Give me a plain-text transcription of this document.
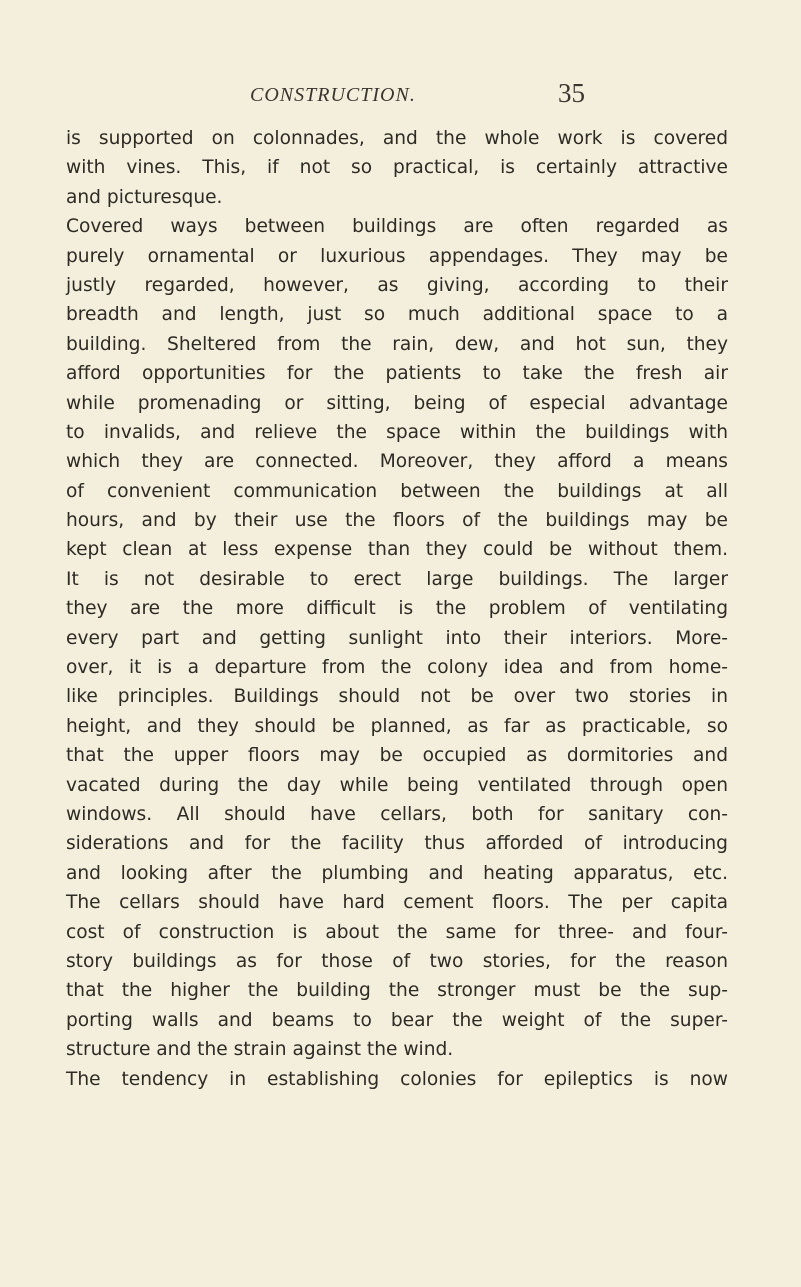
CONSTRUCTION.	35
is supported on colonnades, and the whole work is covered
with vines. This, if not so practical, is certainly attractive
and picturesque.
Covered ways between buildings are often regarded as
purely ornamental or luxurious appendages. They may be
justly regarded, however, as giving, according to their
breadth and length, just so much additional space to a
building. Sheltered from the rain, dew, and hot sun, they
afford opportunities for the patients to take the fresh air
while promenading or sitting, being of especial advantage
to invalids, and relieve the space within the buildings with
which they are connected. Moreover, they afford a means
of convenient communication between the buildings at all
hours, and by their use the floors of the buildings may be
kept clean at less expense than they could be without them.
It is not desirable to erect large buildings. The larger
they are the more difficult is the problem of ventilating
every part and getting sunlight into their interiors. More-
over, it is a departure from the colony idea and from home-
like principles. Buildings should not be over two stories in
height, and they should be planned, as far as practicable, so
that the upper floors may be occupied as dormitories and
vacated during the day while being ventilated through open
windows. All should have cellars, both for sanitary con-
siderations and for the facility thus afforded of introducing
and looking after the plumbing and heating apparatus, etc.
The cellars should have hard cement floors. The per capita
cost of construction is about the same for three- and four-
story buildings as for those of two stories, for the reason
that the higher the building the stronger must be the sup-
porting walls and beams to bear the weight of the super-
structure and the strain against the wind.
The tendency in establishing colonies for epileptics is now
